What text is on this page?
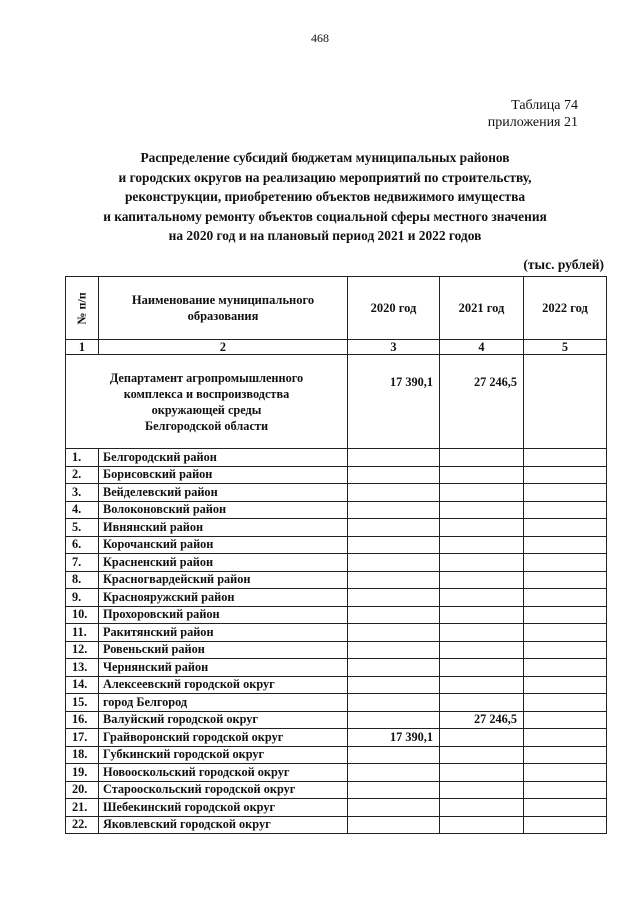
468
Таблица 74
приложения 21
Распределение субсидий бюджетам муниципальных районов
и городских округов на реализацию мероприятий по строительству,
реконструкции, приобретению объектов недвижимого имущества
и капитальному ремонту объектов социальной сферы местного значения
на 2020 год и на плановый период 2021 и 2022 годов
(тыс. рублей)
№ п/п	Наименование муниципального образования	2020 год	2021 год	2022 год
1	2	3	4	5

Департамент агропромышленного
комплекса и воспроизводства
окружающей среды
Белгородской области		17 390,1	27 246,5	
1.	Белгородский район			
2.	Борисовский район			
3.	Вейделевский район			
4.	Волоконовский район			
5.	Ивнянский район			
6.	Корочанский район			
7.	Красненский район			
8.	Красногвардейский район			
9.	Краснояружский район			
10.	Прохоровский район			
11.	Ракитянский район			
12.	Ровеньский район			
13.	Чернянский район			
14.	Алексеевский городской округ			
15.	город Белгород			
16.	Валуйский городской округ		27 246,5	
17.	Грайворонский городской округ	17 390,1		
18.	Губкинский городской округ			
19.	Новооскольский городской округ			
20.	Старооскольский городской округ			
21.	Шебекинский городской округ			
22.	Яковлевский городской округ			
